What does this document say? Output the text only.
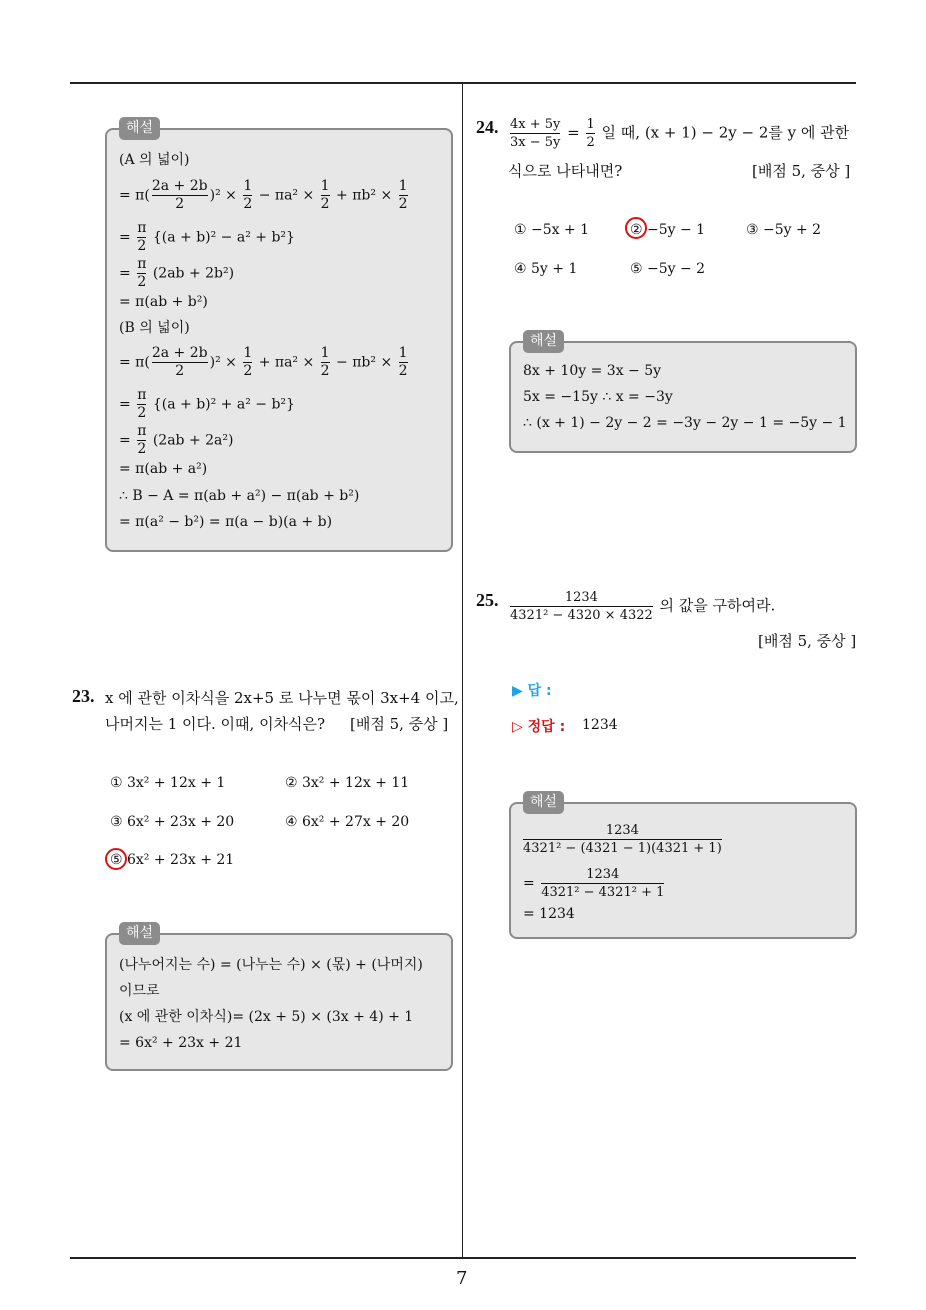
7
해설
(A 의 넓이)
= $\pi( \frac{2a + 2b}{2} )^2 \times \frac{1}{2} - \pi a^2 \times \frac{1}{2} + \pi b^2 \times \frac{1}{2}$
= $\frac{\pi}{2} \{(a + b)^2 - a^2 + b^2\}$
= $\frac{\pi}{2} (2ab + 2b^2)$
= π(ab + b²)
(B 의 넓이)
= $\pi( \frac{2a + 2b}{2} )^2 \times \frac{1}{2} + \pi a^2 \times \frac{1}{2} - \pi b^2 \times \frac{1}{2}$
= $\frac{\pi}{2} \{(a + b)^2 + a^2 - b^2\}$
= $\frac{\pi}{2} (2ab + 2a^2)$
= π(ab + a²)
∴ B − A = π(ab + a²) − π(ab + b²)
= π(a² − b²) = π(a − b)(a + b)
23. x 에 관한 이차식을 2x+5 로 나누면 몫이 3x+4 이고,
나머지는 1 이다. 이때, 이차식은? [배점 5, 중상 ]
① 3x² + 12x + 1	② 3x² + 12x + 11
③ 6x² + 23x + 20	④ 6x² + 27x + 20
⑤ 6x² + 23x + 21
해설
(나누어지는 수) = (나누는 수) × (몫) + (나머지)
이므로
(x 에 관한 이차식)= (2x + 5) × (3x + 4) + 1
= 6x² + 23x + 21
24. $\frac{4x + 5y}{3x - 5y} = \frac{1}{2}$ 일 때, (x + 1) − 2y − 2를 y 에 관한
식으로 나타내면?	[배점 5, 중상 ]
① −5x + 1	② −5y − 1	③ −5y + 2
④ 5y + 1	⑤ −5y − 2
해설
8x + 10y = 3x − 5y
5x = −15y ∴ x = −3y
∴ (x + 1) − 2y − 2 = −3y − 2y − 1 = −5y − 1
25. $\frac{1234}{\text{4321² − 4320 × 4322}}$ 의 값을 구하여라.
[배점 5, 중상 ]
▶ 답 :
▷ 정답 : 1234
해설
$\frac{1234}{\text{4321² − (4321 − 1)(4321 + 1)}}$
= $\frac{1234}{\text{4321² − 4321² + 1}}$
= 1234
